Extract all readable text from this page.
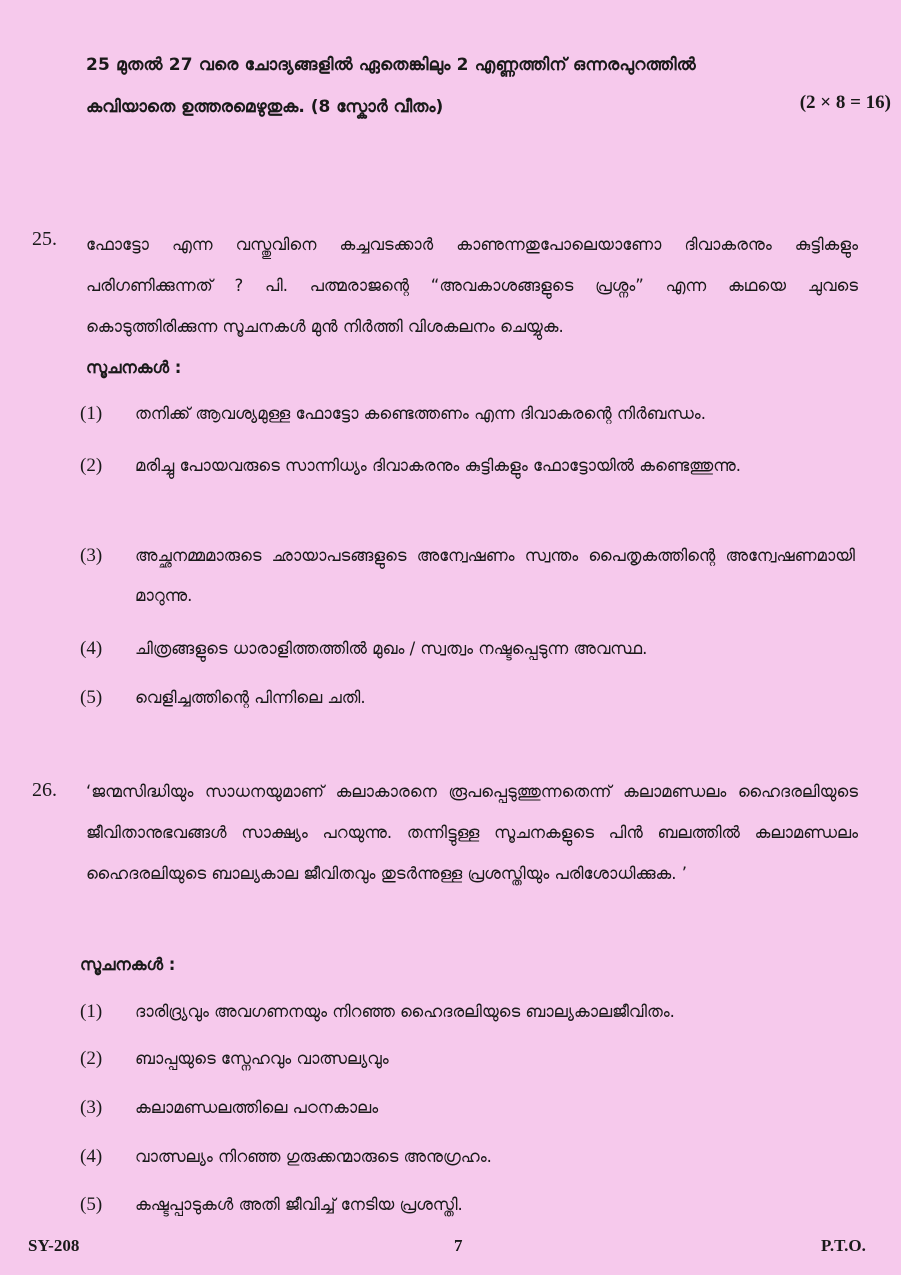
25 മുതൽ 27 വരെ ചോദ്യങ്ങളിൽ ഏതെങ്കിലും 2 എണ്ണത്തിന് ഒന്നരപുറത്തിൽ
കവിയാതെ ഉത്തരമെഴുതുക. (8 സ്കോർ വീതം)	(2 × 8 = 16)
25. ഫോട്ടോ എന്ന വസ്തുവിനെ കച്ചവടക്കാർ കാണുന്നതുപോലെയാണോ ദിവാകരനും കുട്ടികളും പരിഗണിക്കുന്നത് ? പി. പത്മരാജന്റെ “അവകാശങ്ങളുടെ പ്രശ്നം” എന്ന കഥയെ ചുവടെ കൊടുത്തിരിക്കുന്ന സൂചനകൾ മുൻ നിർത്തി വിശകലനം ചെയ്യുക.
സൂചനകൾ :
(1) തനിക്ക് ആവശ്യമുള്ള ഫോട്ടോ കണ്ടെത്തണം എന്ന ദിവാകരന്റെ നിർബന്ധം.
(2) മരിച്ചു പോയവരുടെ സാന്നിധ്യം ദിവാകരനും കുട്ടികളും ഫോട്ടോയിൽ കണ്ടെത്തുന്നു.
(3) അച്ഛനമ്മമാരുടെ ഛായാപടങ്ങളുടെ അന്വേഷണം സ്വന്തം പൈതൃകത്തിന്റെ അന്വേഷണമായി മാറുന്നു.
(4) ചിത്രങ്ങളുടെ ധാരാളിത്തത്തിൽ മുഖം / സ്വത്വം നഷ്ടപ്പെടുന്ന അവസ്ഥ.
(5) വെളിച്ചത്തിന്റെ പിന്നിലെ ചതി.
26. ‘ജന്മസിദ്ധിയും സാധനയുമാണ് കലാകാരനെ രൂപപ്പെടുത്തുന്നതെന്ന് കലാമണ്ഡലം ഹൈദരലിയുടെ ജീവിതാനുഭവങ്ങൾ സാക്ഷ്യം പറയുന്നു. തന്നിട്ടുള്ള സൂചനകളുടെ പിൻ ബലത്തിൽ കലാമണ്ഡലം ഹൈദരലിയുടെ ബാല്യകാല ജീവിതവും തുടർന്നുള്ള പ്രശസ്തിയും പരിശോധിക്കുക. ’
സൂചനകൾ :
(1) ദാരിദ്ര്യവും അവഗണനയും നിറഞ്ഞ ഹൈദരലിയുടെ ബാല്യകാലജീവിതം.
(2) ബാപ്പയുടെ സ്നേഹവും വാത്സല്യവും
(3) കലാമണ്ഡലത്തിലെ പഠനകാലം
(4) വാത്സല്യം നിറഞ്ഞ ഗുരുക്കന്മാരുടെ അനുഗ്രഹം.
(5) കഷ്ടപ്പാടുകൾ അതി ജീവിച്ച് നേടിയ പ്രശസ്തി.
SY-208	7	P.T.O.
